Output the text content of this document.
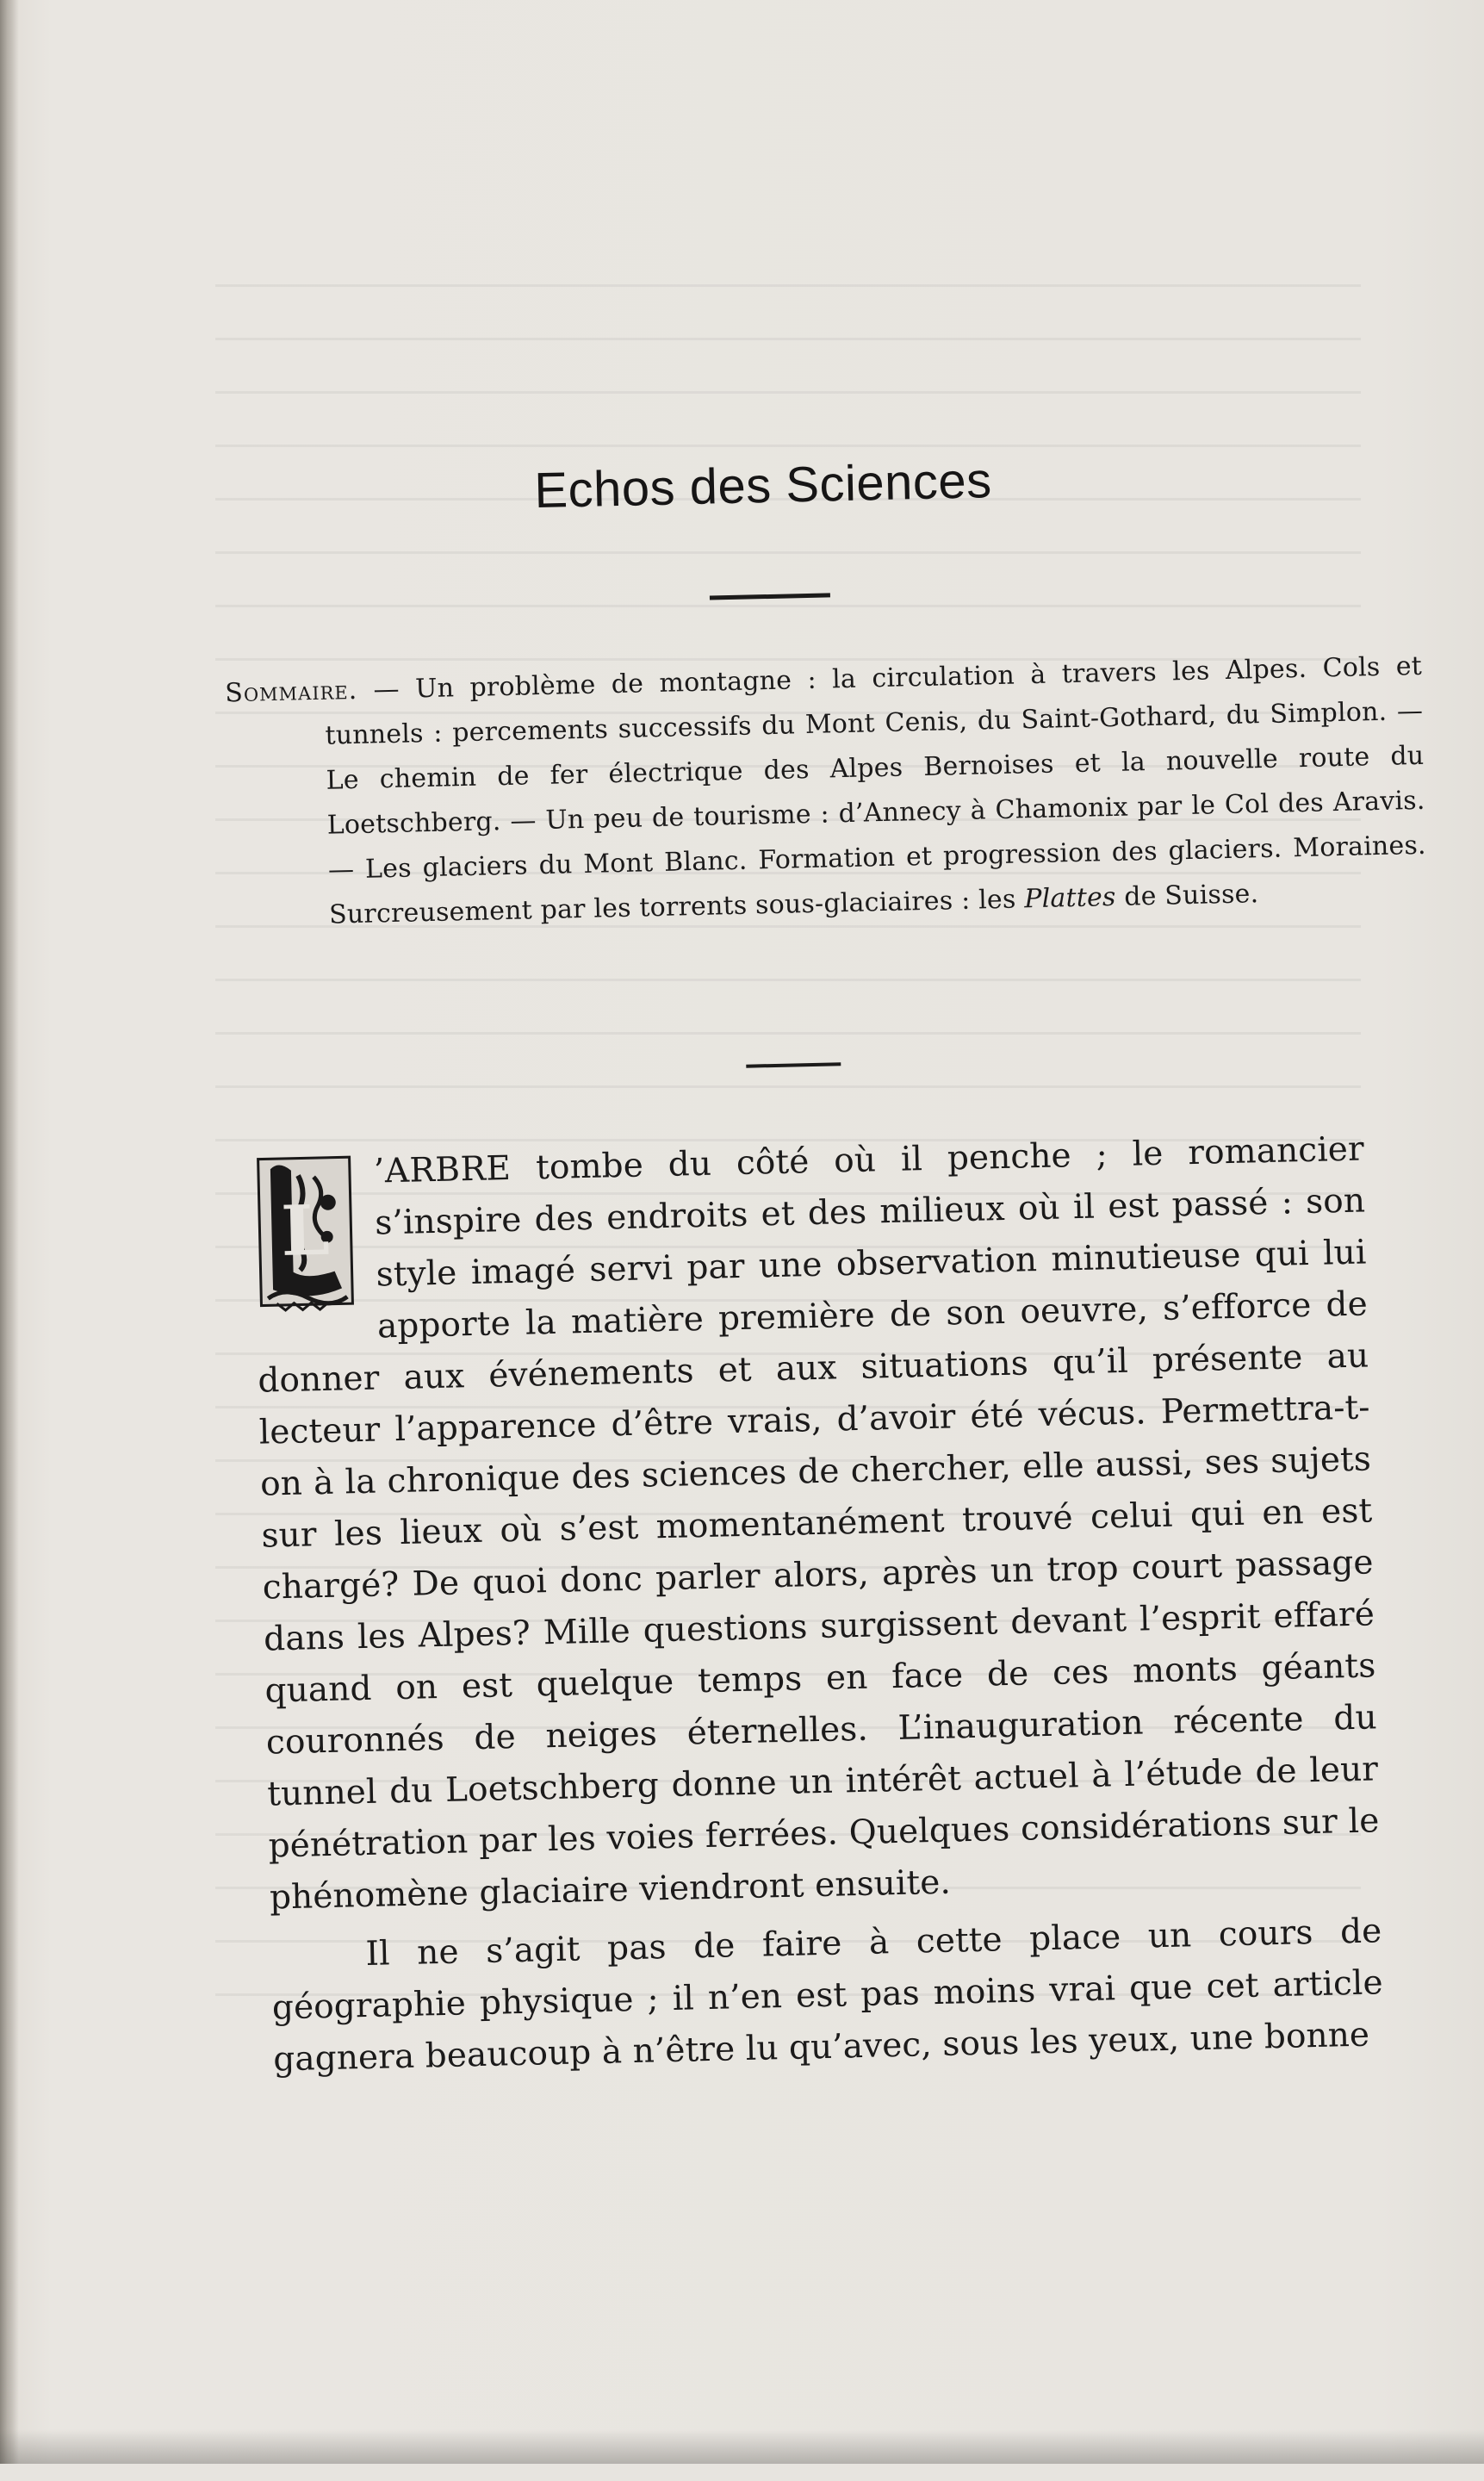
Echos des Sciences
Sommaire. — Un problème de montagne : la circulation à travers les Alpes. Cols et tunnels : percements successifs du Mont Cenis, du Saint-Gothard, du Simplon. — Le chemin de fer électrique des Alpes Bernoises et la nouvelle route du Loetschberg. — Un peu de tourisme : d’Annecy à Chamonix par le Col des Aravis. — Les glaciers du Mont Blanc. Formation et progression des glaciers. Moraines. Surcreusement par les torrents sous-glaciaires : les Plattes de Suisse.

L
’ARBRE tombe du côté où il penche ; le romancier s’inspire des endroits et des milieux où il est passé : son style imagé servi par une observation minutieuse qui lui apporte la matière première de son oeuvre, s’efforce de donner aux événements et aux situations qu’il présente au lecteur l’apparence d’être vrais, d’avoir été vécus. Permettra-t-on à la chronique des sciences de chercher, elle aussi, ses sujets sur les lieux où s’est momentanément trouvé celui qui en est chargé? De quoi donc parler alors, après un trop court passage dans les Alpes? Mille questions surgissent devant l’esprit effaré quand on est quelque temps en face de ces monts géants couronnés de neiges éternelles. L’inauguration récente du tunnel du Loetschberg donne un intérêt actuel à l’étude de leur pénétration par les voies ferrées. Quelques considérations sur le phénomène glaciaire viendront ensuite.

Il ne s’agit pas de faire à cette place un cours de géographie physique ; il n’en est pas moins vrai que cet article gagnera beaucoup à n’être lu qu’avec, sous les yeux, une bonne
